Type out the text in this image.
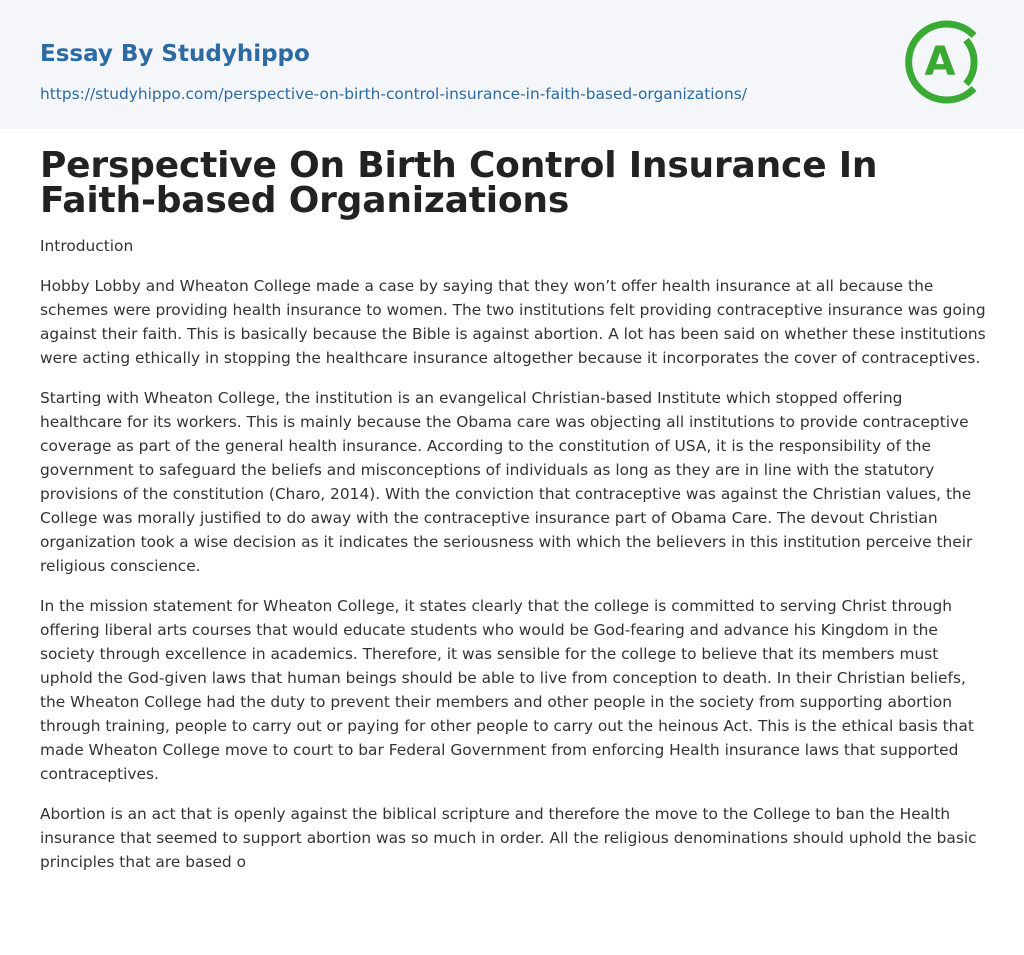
Essay By Studyhippo
https://studyhippo.com/perspective-on-birth-control-insurance-in-faith-based-organizations/
A
Perspective On Birth Control Insurance In Faith-based Organizations

Introduction

Hobby Lobby and Wheaton College made a case by saying that they won’t offer health insurance at all because the schemes were providing health insurance to women. The two institutions felt providing contraceptive insurance was going against their faith. This is basically because the Bible is against abortion. A lot has been said on whether these institutions were acting ethically in stopping the healthcare insurance altogether because it incorporates the cover of contraceptives.

Starting with Wheaton College, the institution is an evangelical Christian-based Institute which stopped offering healthcare for its workers. This is mainly because the Obama care was objecting all institutions to provide contraceptive coverage as part of the general health insurance. According to the constitution of USA, it is the responsibility of the government to safeguard the beliefs and misconceptions of individuals as long as they are in line with the statutory provisions of the constitution (Charo, 2014). With the conviction that contraceptive was against the Christian values, the College was morally justified to do away with the contraceptive insurance part of Obama Care. The devout Christian organization took a wise decision as it indicates the seriousness with which the believers in this institution perceive their religious conscience.

In the mission statement for Wheaton College, it states clearly that the college is committed to serving Christ through offering liberal arts courses that would educate students who would be God-fearing and advance his Kingdom in the society through excellence in academics. Therefore, it was sensible for the college to believe that its members must uphold the God-given laws that human beings should be able to live from conception to death. In their Christian beliefs, the Wheaton College had the duty to prevent their members and other people in the society from supporting abortion through training, people to carry out or paying for other people to carry out the heinous Act. This is the ethical basis that made Wheaton College move to court to bar Federal Government from enforcing Health insurance laws that supported contraceptives.

Abortion is an act that is openly against the biblical scripture and therefore the move to the College to ban the Health insurance that seemed to support abortion was so much in order. All the religious denominations should uphold the basic principles that are based o
